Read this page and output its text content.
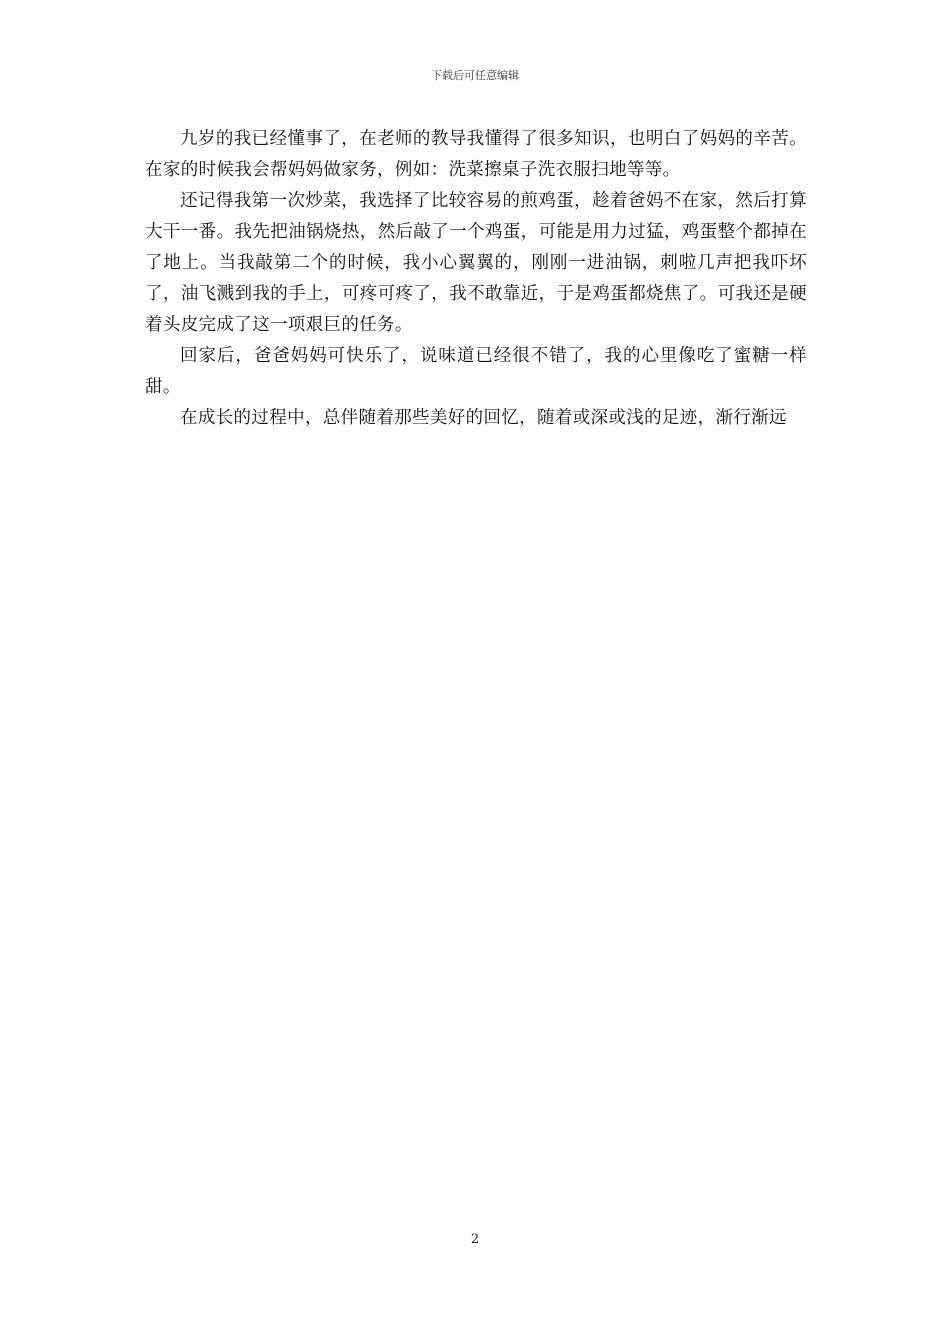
下载后可任意编辑

九岁的我已经懂事了，在老师的教导我懂得了很多知识，也明白了妈妈的辛苦。在家的时候我会帮妈妈做家务，例如：洗菜擦桌子洗衣服扫地等等。

还记得我第一次炒菜，我选择了比较容易的煎鸡蛋，趁着爸妈不在家，然后打算大干一番。我先把油锅烧热，然后敲了一个鸡蛋，可能是用力过猛，鸡蛋整个都掉在了地上。当我敲第二个的时候，我小心翼翼的，刚刚一进油锅，刺啦几声把我吓坏了，油飞溅到我的手上，可疼可疼了，我不敢靠近，于是鸡蛋都烧焦了。可我还是硬着头皮完成了这一项艰巨的任务。

回家后，爸爸妈妈可快乐了，说味道已经很不错了，我的心里像吃了蜜糖一样甜。

在成长的过程中，总伴随着那些美好的回忆，随着或深或浅的足迹，渐行渐远

2
